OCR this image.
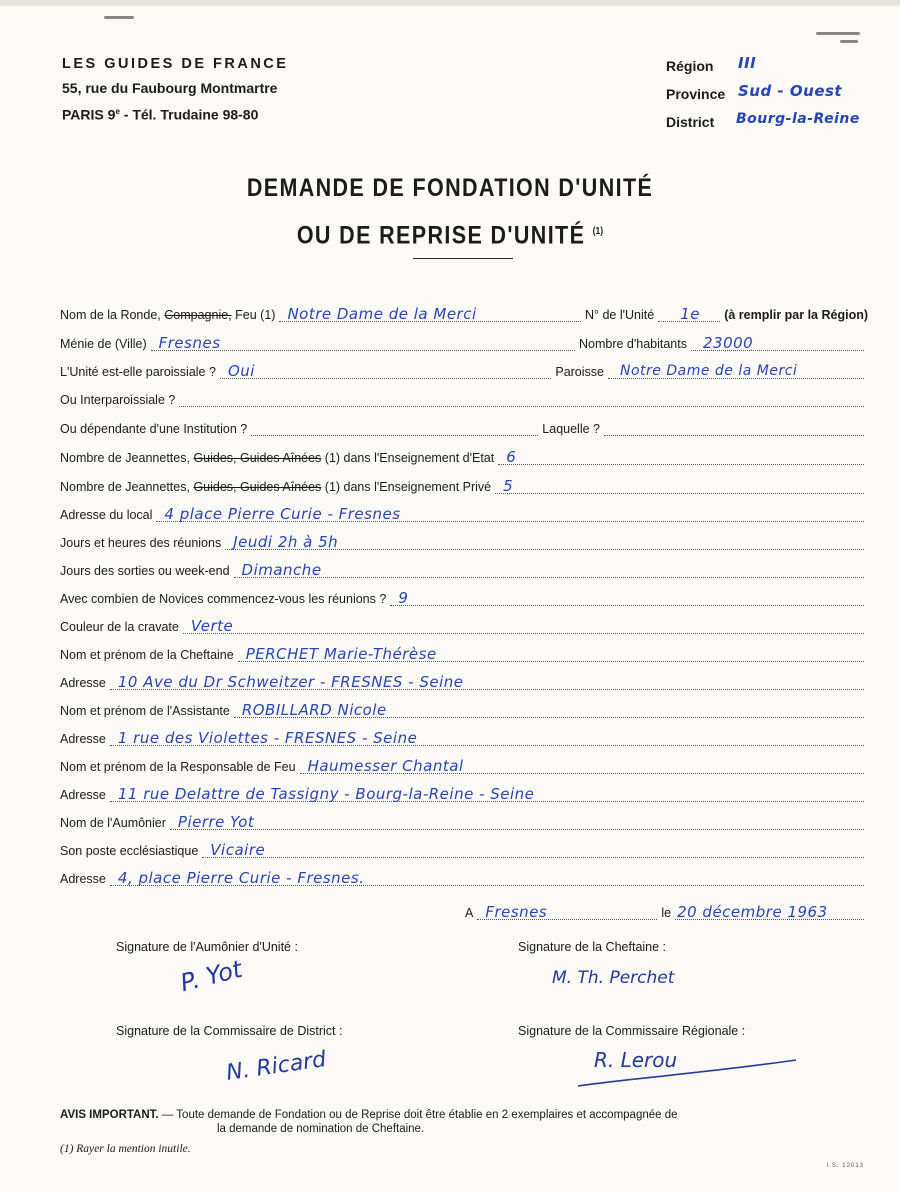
LES GUIDES DE FRANCE
55, rue du Faubourg Montmartre
PARIS 9e - Tél. Trudaine 98-80
Région III
Province Sud - Ouest
District Bourg-la-Reine
DEMANDE DE FONDATION D'UNITÉ
OU DE REPRISE D'UNITÉ $^{(1)}$
Nom de la Ronde, Compagnie, Feu (1) Notre Dame de la Merci	N° de l'Unité 1e (à remplir par la Région)
Ménie de (Ville) Fresnes	Nombre d'habitants 23000
L'Unité est-elle paroissiale ? Oui	Paroisse Notre Dame de la Merci
Ou Interparoissiale ?
Ou dépendante d'une Institution ?	Laquelle ?
Nombre de Jeannettes, Guides, Guides Aînées (1) dans l'Enseignement d'Etat 6
Nombre de Jeannettes, Guides, Guides Aînées (1) dans l'Enseignement Privé 5
Adresse du local 4 place Pierre Curie - Fresnes
Jours et heures des réunions Jeudi 2h à 5h
Jours des sorties ou week-end Dimanche
Avec combien de Novices commencez-vous les réunions ? 9
Couleur de la cravate Verte
Nom et prénom de la Cheftaine PERCHET Marie-Thérèse
Adresse 10 Ave du Dr Schweitzer - FRESNES - Seine
Nom et prénom de l'Assistante ROBILLARD Nicole
Adresse 1 rue des Violettes - FRESNES - Seine
Nom et prénom de la Responsable de Feu Haumesser Chantal
Adresse 11 rue Delattre de Tassigny - Bourg-la-Reine - Seine
Nom de l'Aumônier Pierre Yot
Son poste ecclésiastique Vicaire
Adresse 4, place Pierre Curie - Fresnes.
A Fresnes	le 20 décembre 1963
Signature de l'Aumônier d'Unité :
P. Yot
Signature de la Cheftaine :
M. Th. Perchet
Signature de la Commissaire de District :
N. Ricard
Signature de la Commissaire Régionale :
R. Lerou
AVIS IMPORTANT. — Toute demande de Fondation ou de Reprise doit être établie en 2 exemplaires et accompagnée de
la demande de nomination de Cheftaine.
(1) Rayer la mention inutile.
I.S. 12013
